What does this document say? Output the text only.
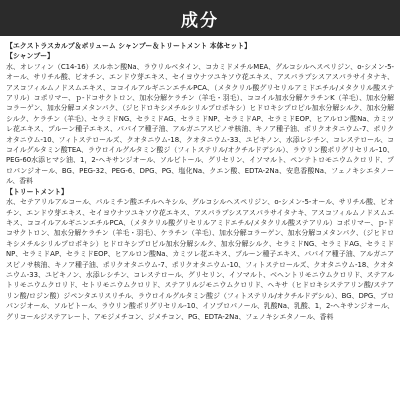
成分

【エクストラスカルプ＆ボリューム シャンプー＆トリートメント 本体セット】

【シャンプー】

水、オレフィン（C14-16）スルホン酸Na、ラウリルベタイン、コカミドメチルMEA、グルコシルヘスペリジン、o-シメン-5-オール、サリチル酸、ビオチン、エンドウ芽エキス、セイヨウナツユキソウ花エキス、アスパラプシスアスパラサイタナキ、アスコフィルムノドスムエキス、ココイルアルギニンエチルPCA、（メタクリル酸グリセリルアミドエチル/メタクリル酸ステアリル）コポリマー、ｐ-ドコサクトロン、加水分解ケラチン（羊毛・羽毛）、ココイル加水分解ケラチンK（羊毛）、加水分解コラーゲン、加水分解コメタンパク、（ジヒドロキシメチルシリルプロポキシ）ヒドロキシプロピル加水分解シルク、加水分解シルク、ケラチン（羊毛）、セラミドNG、セラミドAG、セラミドNP、セラミドAP、セラミドEOP、ヒアルロン酸Na、カミツレ花エキス、プルーン種子エキス、パパイア種子油、アルガニアスピノサ核油、キノア種子油、ポリクオタニウム-7、ポリクオタニウム-10、フィトステロールズ、クオタニウム-18、クオタニウム-33、ユビキノン、水添レシチン、コレステロール、ココイルグルタミン酸TEA、ラウロイルグルタミン酸ジ（フィトステリル/オクチルドデシル）、ラウリン酸ポリグリセリル-10、PEG-60水添ヒマシ油、1，2-ヘキサンジオール、ソルビトール、グリセリン、イソマルト、ペンテトロモニウムクロリド、プロパンジオール、BG、PEG-32、PEG-6、DPG、PG、塩化Na、クエン酸、EDTA-2Na、安息香酸Na、フェノキシエタノール、香料

【トリートメント】

水、セテアリルアルコール、パルミチン酸エチルヘキシル、グルコシルヘスペリジン、o-シメン-5-オール、サリチル酸、ビオチン、エンドウ芽エキス、セイヨウナツユキソウ花エキス、アスパラプシスアスパラサイタナキ、アスコフィルムノドスムエキス、ココイルアルギニンエチルPCA、（メタクリル酸グリセリルアミドエチル/メタクリル酸ステアリル）コポリマー、ｐ-ドコサクトロン、加水分解ケラチン（羊毛・羽毛）、ケラチン（羊毛）、加水分解コラーゲン、加水分解コメタンパク、（ジヒドロキシメチルシリルプロポキシ）ヒドロキシプロピル加水分解シルク、加水分解シルク、セラミドNG、セラミドAG、セラミドNP、セラミドAP、セラミドEOP、ヒアルロン酸Na、カミツレ花エキス、プルーン種子エキス、パパイア種子油、アルガニアスピノサ核油、キノア種子油、ポリクオタニウム-7、ポリクオタニウム-10、フィトステロールズ、クオタニウム-18、クオタニウム-33、ユビキノン、水添レシチン、コレステロール、グリセリン、イソマルト、ベヘントリモニウムクロリド、ステアルトリモニウムクロリド、セトリモニウムクロリド、ステアリルジモニウムクロリド、ヘキサ（ヒドロキシステアリン酸/ステアリン酸/ロジン酸）ジペンタエリスリチル、ラウロイルグルタミン酸ジ（フィトステリル/オクチルドデシル）、BG、DPG、プロパンジオール、ソルビトール、ラウリン酸ポリグリセリル-10、イソプロパノール、乳酸Na、乳酸、1，2-ヘキサンジオール、グリコールジステアレート、アモジメチコン、ジメチコン、PG、EDTA-2Na、フェノキシエタノール、香料
